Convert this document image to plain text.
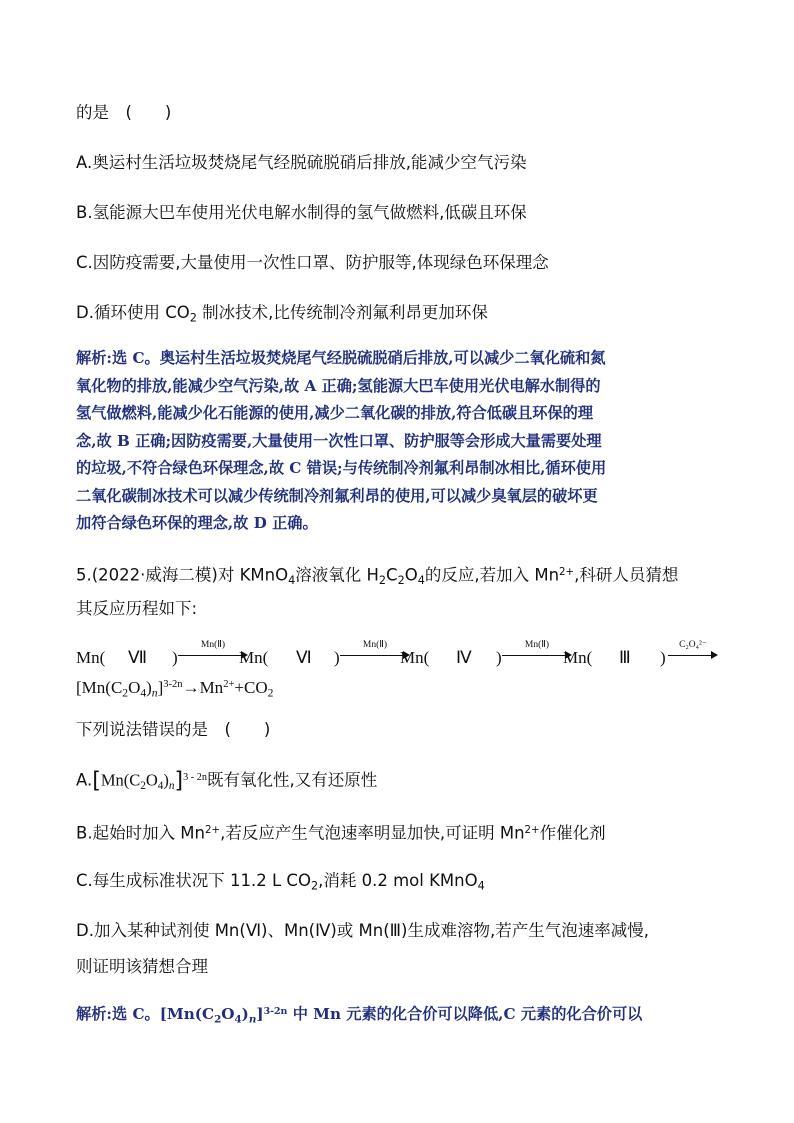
的是　(　　)
A.奥运村生活垃圾焚烧尾气经脱硫脱硝后排放,能减少空气污染
B.氢能源大巴车使用光伏电解水制得的氢气做燃料,低碳且环保
C.因防疫需要,大量使用一次性口罩、防护服等,体现绿色环保理念
D.循环使用 $CO_2$ 制冰技术,比传统制冷剂氟利昂更加环保
解析:选 C。奥运村生活垃圾焚烧尾气经脱硫脱硝后排放,可以减少二氧化硫和氮
氧化物的排放,能减少空气污染,故 A 正确;氢能源大巴车使用光伏电解水制得的
氢气做燃料,能减少化石能源的使用,减少二氧化碳的排放,符合低碳且环保的理
念,故 B 正确;因防疫需要,大量使用一次性口罩、防护服等会形成大量需要处理
的垃圾,不符合绿色环保理念,故 C 错误;与传统制冷剂氟利昂制冰相比,循环使用
二氧化碳制冰技术可以减少传统制冷剂氟利昂的使用,可以减少臭氧层的破坏更
加符合绿色环保的理念,故 D 正确。
5.(2022·威海二模)对 KMnO$_4$溶液氧化 $H_2C_2O_4$的反应,若加入 $Mn^{2+}$,科研人员猜想
其反应历程如下:
Mn( Ⅶ )
Mn(Ⅱ)
Mn( Ⅵ )
Mn(Ⅱ)
Mn( Ⅳ )
Mn(Ⅱ)
Mn( Ⅲ )
C₂O₄²⁻
$[Mn(C_2O_4)_n]^{3-2n}\to Mn^{2+}+CO_2$
下列说法错误的是　(　　)
$A.[Mn(C_2O_4)_n]^{3 - 2n}$既有氧化性,又有还原性
B.起始时加入 $Mn^{2+}$,若反应产生气泡速率明显加快,可证明 $Mn^{2+}$作催化剂
C.每生成标准状况下 11.2 L $CO_2$,消耗 0.2 mol KMnO$_4$
D.加入某种试剂使 Mn(Ⅵ)、Mn(Ⅳ)或 Mn(Ⅲ)生成难溶物,若产生气泡速率减慢,
则证明该猜想合理
解析:选 C。$[Mn(C_2O_4)_n]^{3-2n}$ 中 Mn 元素的化合价可以降低,C 元素的化合价可以
